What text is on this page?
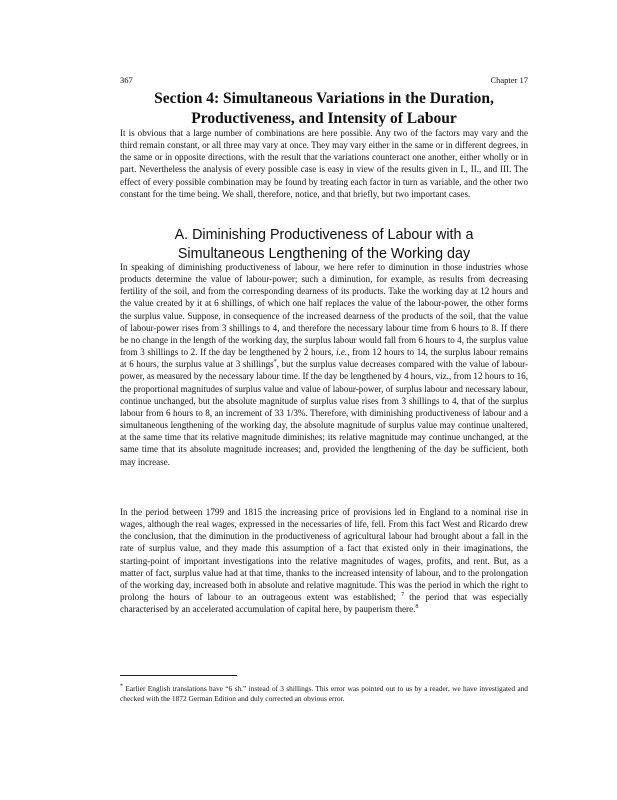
367	Chapter 17
Section 4: Simultaneous Variations in the Duration,
Productiveness, and Intensity of Labour

It is obvious that a large number of combinations are here possible. Any two of the factors may vary and the third remain constant, or all three may vary at once. They may vary either in the same or in different degrees, in the same or in opposite directions, with the result that the variations counteract one another, either wholly or in part. Nevertheless the analysis of every possible case is easy in view of the results given in I., II., and III. The effect of every possible combination may be found by treating each factor in turn as variable, and the other two constant for the time being. We shall, therefore, notice, and that briefly, but two important cases.

A. Diminishing Productiveness of Labour with a
Simultaneous Lengthening of the Working day

In speaking of diminishing productiveness of labour, we here refer to diminution in those industries whose products determine the value of labour-power; such a diminution, for example, as results from decreasing fertility of the soil, and from the corresponding dearness of its products. Take the working day at 12 hours and the value created by it at 6 shillings, of which one half replaces the value of the labour-power, the other forms the surplus value. Suppose, in consequence of the increased dearness of the products of the soil, that the value of labour-power rises from 3 shillings to 4, and therefore the necessary labour time from 6 hours to 8. If there be no change in the length of the working day, the surplus labour would fall from 6 hours to 4, the surplus value from 3 shillings to 2. If the day be lengthened by 2 hours, i.e., from 12 hours to 14, the surplus labour remains at 6 hours, the surplus value at 3 shillings*, but the surplus value decreases compared with the value of labour-power, as measured by the necessary labour time. If the day be lengthened by 4 hours, viz., from 12 hours to 16, the proportional magnitudes of surplus value and value of labour-power, of surplus labour and necessary labour, continue unchanged, but the absolute magnitude of surplus value rises from 3 shillings to 4, that of the surplus labour from 6 hours to 8, an increment of 33 1/3%. Therefore, with diminishing productiveness of labour and a simultaneous lengthening of the working day, the absolute magnitude of surplus value may continue unaltered, at the same time that its relative magnitude diminishes; its relative magnitude may continue unchanged, at the same time that its absolute magnitude increases; and, provided the lengthening of the day be sufficient, both may increase.

In the period between 1799 and 1815 the increasing price of provisions led in England to a nominal rise in wages, although the real wages, expressed in the necessaries of life, fell. From this fact West and Ricardo drew the conclusion, that the diminution in the productiveness of agricultural labour had brought about a fall in the rate of surplus value, and they made this assumption of a fact that existed only in their imaginations, the starting-point of important investigations into the relative magnitudes of wages, profits, and rent. But, as a matter of fact, surplus value had at that time, thanks to the increased intensity of labour, and to the prolongation of the working day, increased both in absolute and relative magnitude. This was the period in which the right to prolong the hours of labour to an outrageous extent was established; $^7$ the period that was especially characterised by an accelerated accumulation of capital here, by pauperism there.$^8$

* Earlier English translations have “6 sh.” instead of 3 shillings. This error was pointed out to us by a reader, we have investigated and checked with the 1872 German Edition and duly corrected an obvious error.
